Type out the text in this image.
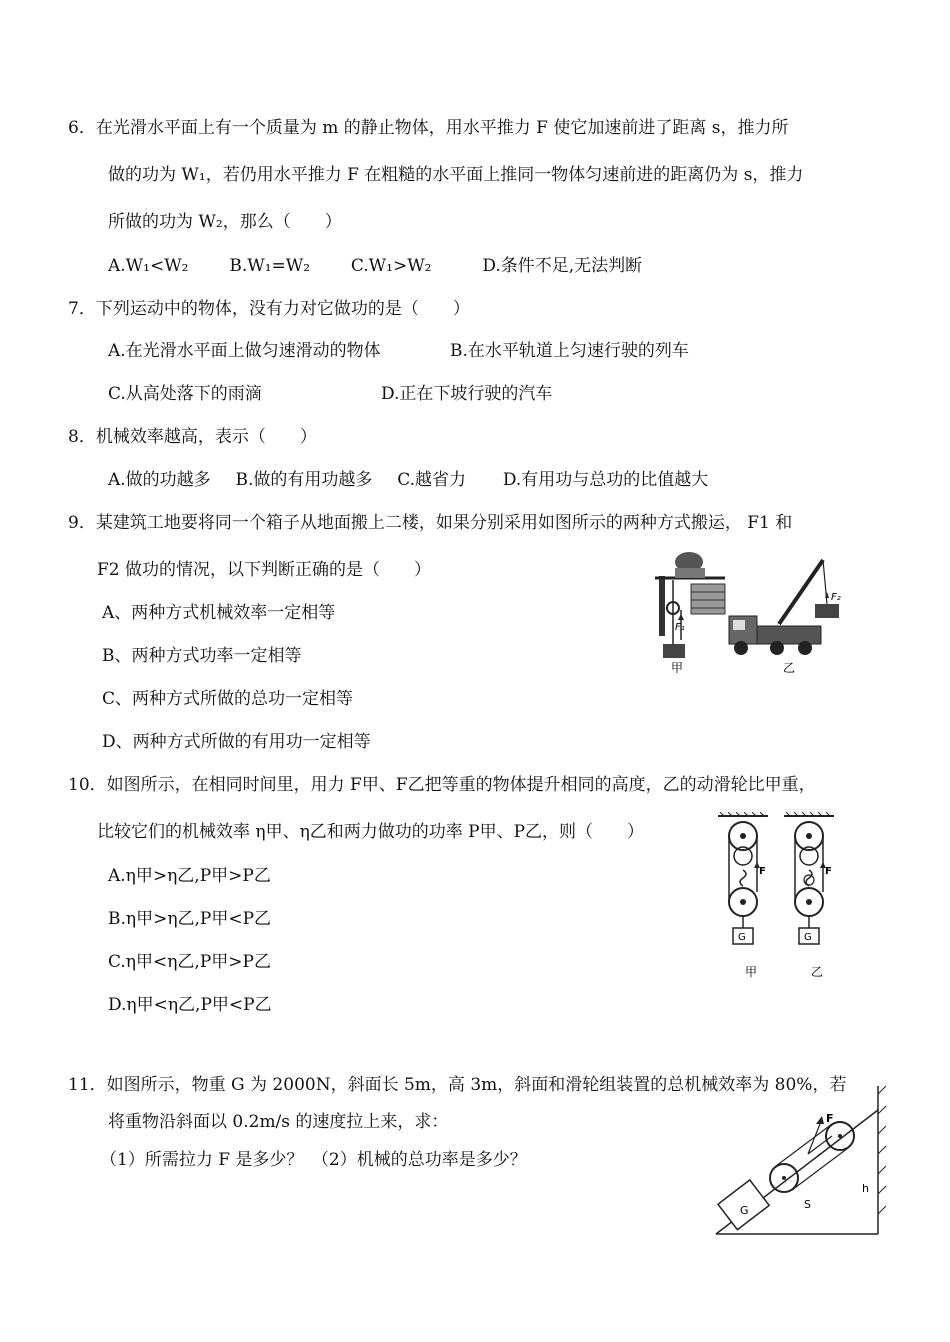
6．在光滑水平面上有一个质量为 m 的静止物体，用水平推力 F 使它加速前进了距离 s，推力所
做的功为 W₁，若仍用水平推力 F 在粗糙的水平面上推同一物体匀速前进的距离仍为 s，推力
所做的功为 W₂，那么（　　）
A.W₁<W₂ B.W₁=W₂ C.W₁>W₂	D.条件不足,无法判断
7．下列运动中的物体，没有力对它做功的是（　　）
A.在光滑水平面上做匀速滑动的物体	B.在水平轨道上匀速行驶的列车
C.从高处落下的雨滴	D.正在下坡行驶的汽车
8．机械效率越高，表示（　　）
A.做的功越多 B.做的有用功越多 C.越省力 D.有用功与总功的比值越大
9．某建筑工地要将同一个箱子从地面搬上二楼，如果分别采用如图所示的两种方式搬运， F1 和
F2 做功的情况，以下判断正确的是（　　）
A、两种方式机械效率一定相等
B、两种方式功率一定相等
C、两种方式所做的总功一定相等
D、两种方式所做的有用功一定相等
F₁
F₂
甲	乙
10．如图所示，在相同时间里，用力 F甲、F乙把等重的物体提升相同的高度，乙的动滑轮比甲重，
比较它们的机械效率 η甲、η乙和两力做功的功率 P甲、P乙，则（　　）
A.η甲>η乙,P甲>P乙
B.η甲>η乙,P甲<P乙
C.η甲<η乙,P甲>P乙
D.η甲<η乙,P甲<P乙
F
G
甲
F
G
乙
11．如图所示，物重 G 为 2000N，斜面长 5m，高 3m，斜面和滑轮组装置的总机械效率为 80%，若
将重物沿斜面以 0.2m/s 的速度拉上来，求：
（1）所需拉力 F 是多少？　（2）机械的总功率是多少？
G
F
S
h
